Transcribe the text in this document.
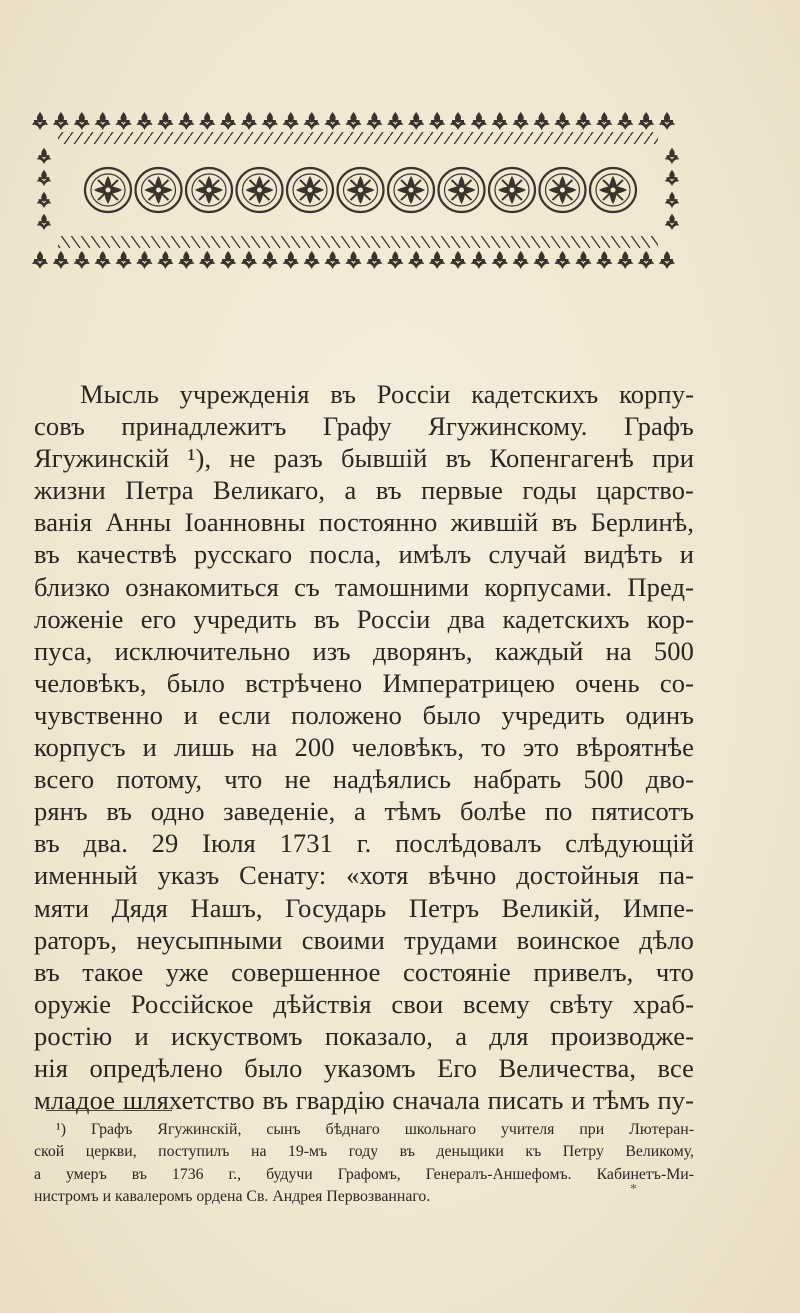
Мысль учрежденія въ Россіи кадетскихъ корпу-
совъ принадлежитъ Графу Ягужинскому. Графъ
Ягужинскій ¹), не разъ бывшій въ Копенгагенѣ при
жизни Петра Великаго, а въ первые годы царство-
ванія Анны Іоанновны постоянно жившій въ Берлинѣ,
въ качествѣ русскаго посла, имѣлъ случай видѣть и
близко ознакомиться съ тамошними корпусами. Пред-
ложеніе его учредить въ Россіи два кадетскихъ кор-
пуса, исключительно изъ дворянъ, каждый на 500
человѣкъ, было встрѣчено Императрицею очень со-
чувственно и если положено было учредить одинъ
корпусъ и лишь на 200 человѣкъ, то это вѣроятнѣе
всего потому, что не надѣялись набрать 500 дво-
рянъ въ одно заведеніе, а тѣмъ болѣе по пятисотъ
въ два. 29 Іюля 1731 г. послѣдовалъ слѣдующій
именный указъ Сенату: «хотя вѣчно достойныя па-
мяти Дядя Нашъ, Государь Петръ Великій, Импе-
раторъ, неусыпными своими трудами воинское дѣло
въ такое уже совершенное состояніе привелъ, что
оружіе Россійское дѣйствія свои всему свѣту храб-
ростію и искуствомъ показало, а для производже-
нія опредѣлено было указомъ Его Величества, все
младое шляхетство въ гвардію сначала писать и тѣмъ пу-
¹) Графъ Ягужинскій, сынъ бѣднаго школьнаго учителя при Лютеран-
ской церкви, поступилъ на 19-мъ году въ деньщики къ Петру Великому,
а умеръ въ 1736 г., будучи Графомъ, Генералъ-Аншефомъ. Кабинетъ-Ми-
нистромъ и кавалеромъ ордена Св. Андрея Первозваннаго.	*
